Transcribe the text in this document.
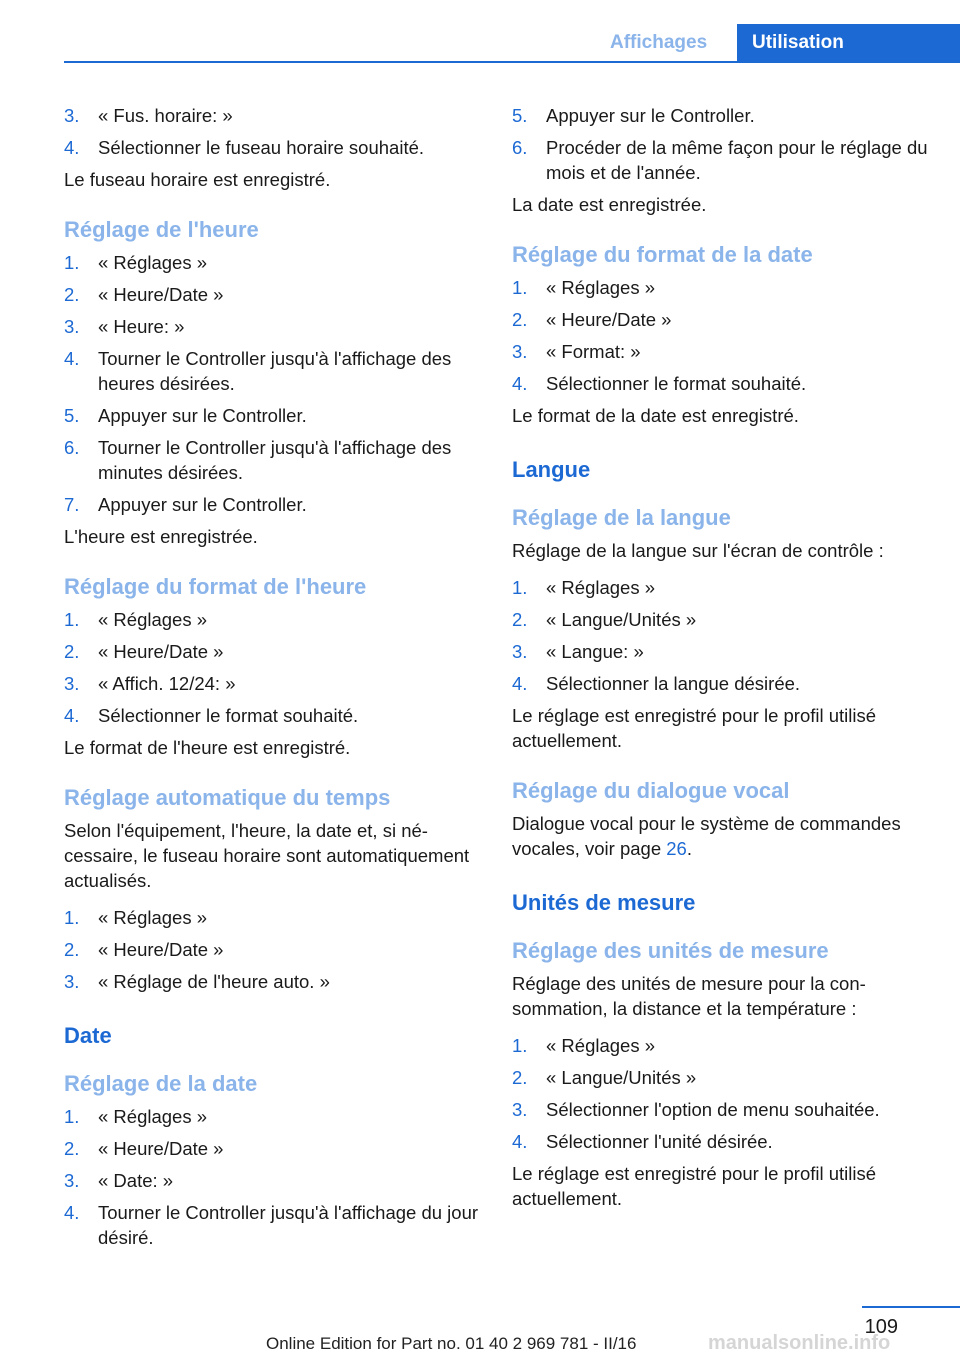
Affichages	Utilisation
3. « Fus. horaire: »
4. Sélectionner le fuseau horaire souhaité.

Le fuseau horaire est enregistré.

Réglage de l'heure
1. « Réglages »
2. « Heure/Date »
3. « Heure: »
4. Tourner le Controller jusqu'à l'affichage des heures désirées.
5. Appuyer sur le Controller.
6. Tourner le Controller jusqu'à l'affichage des minutes désirées.
7. Appuyer sur le Controller.

L'heure est enregistrée.

Réglage du format de l'heure
1. « Réglages »
2. « Heure/Date »
3. « Affich. 12/24: »
4. Sélectionner le format souhaité.

Le format de l'heure est enregistré.

Réglage automatique du temps

Selon l'équipement, l'heure, la date et, si nécessaire, le fuseau horaire sont automatiquement actualisés.

1. « Réglages »
2. « Heure/Date »
3. « Réglage de l'heure auto. »
Date
Réglage de la date
1. « Réglages »
2. « Heure/Date »
3. « Date: »
4. Tourner le Controller jusqu'à l'affichage du jour désiré.
5. Appuyer sur le Controller.
6. Procéder de la même façon pour le réglage du mois et de l'année.

La date est enregistrée.

Réglage du format de la date
1. « Réglages »
2. « Heure/Date »
3. « Format: »
4. Sélectionner le format souhaité.

Le format de la date est enregistré.

Langue
Réglage de la langue

Réglage de la langue sur l'écran de contrôle :

1. « Réglages »
2. « Langue/Unités »
3. « Langue: »
4. Sélectionner la langue désirée.

Le réglage est enregistré pour le profil utilisé actuellement.

Réglage du dialogue vocal

Dialogue vocal pour le système de commandes vocales, voir page 26.

Unités de mesure
Réglage des unités de mesure

Réglage des unités de mesure pour la consommation, la distance et la température :

1. « Réglages »
2. « Langue/Unités »
3. Sélectionner l'option de menu souhaitée.
4. Sélectionner l'unité désirée.

Le réglage est enregistré pour le profil utilisé actuellement.

109
Online Edition for Part no. 01 40 2 969 781 - II/16	manualsonline.info
